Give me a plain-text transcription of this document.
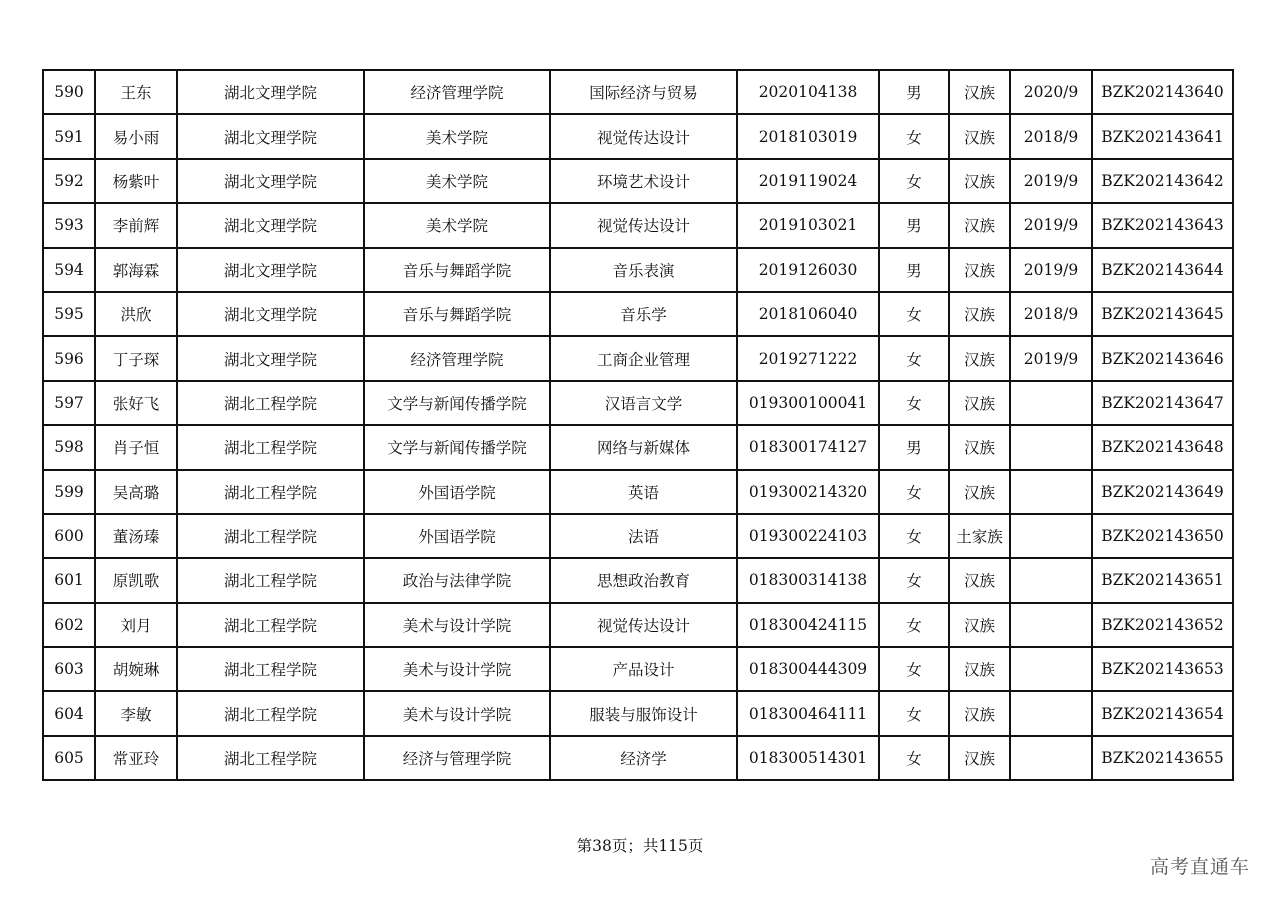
590	王东	湖北文理学院	经济管理学院	国际经济与贸易	2020104138	男	汉族	2020/9	BZK202143640
591	易小雨	湖北文理学院	美术学院	视觉传达设计	2018103019	女	汉族	2018/9	BZK202143641
592	杨紫叶	湖北文理学院	美术学院	环境艺术设计	2019119024	女	汉族	2019/9	BZK202143642
593	李前辉	湖北文理学院	美术学院	视觉传达设计	2019103021	男	汉族	2019/9	BZK202143643
594	郭海霖	湖北文理学院	音乐与舞蹈学院	音乐表演	2019126030	男	汉族	2019/9	BZK202143644
595	洪欣	湖北文理学院	音乐与舞蹈学院	音乐学	2018106040	女	汉族	2018/9	BZK202143645
596	丁子琛	湖北文理学院	经济管理学院	工商企业管理	2019271222	女	汉族	2019/9	BZK202143646
597	张好飞	湖北工程学院	文学与新闻传播学院	汉语言文学	019300100041	女	汉族		BZK202143647
598	肖子恒	湖北工程学院	文学与新闻传播学院	网络与新媒体	018300174127	男	汉族		BZK202143648
599	吴高璐	湖北工程学院	外国语学院	英语	019300214320	女	汉族		BZK202143649
600	董汤瑧	湖北工程学院	外国语学院	法语	019300224103	女	土家族		BZK202143650
601	原凯歌	湖北工程学院	政治与法律学院	思想政治教育	018300314138	女	汉族		BZK202143651
602	刘月	湖北工程学院	美术与设计学院	视觉传达设计	018300424115	女	汉族		BZK202143652
603	胡婉琳	湖北工程学院	美术与设计学院	产品设计	018300444309	女	汉族		BZK202143653
604	李敏	湖北工程学院	美术与设计学院	服装与服饰设计	018300464111	女	汉族		BZK202143654
605	常亚玲	湖北工程学院	经济与管理学院	经济学	018300514301	女	汉族		BZK202143655
第38页；共115页
高考直通车
